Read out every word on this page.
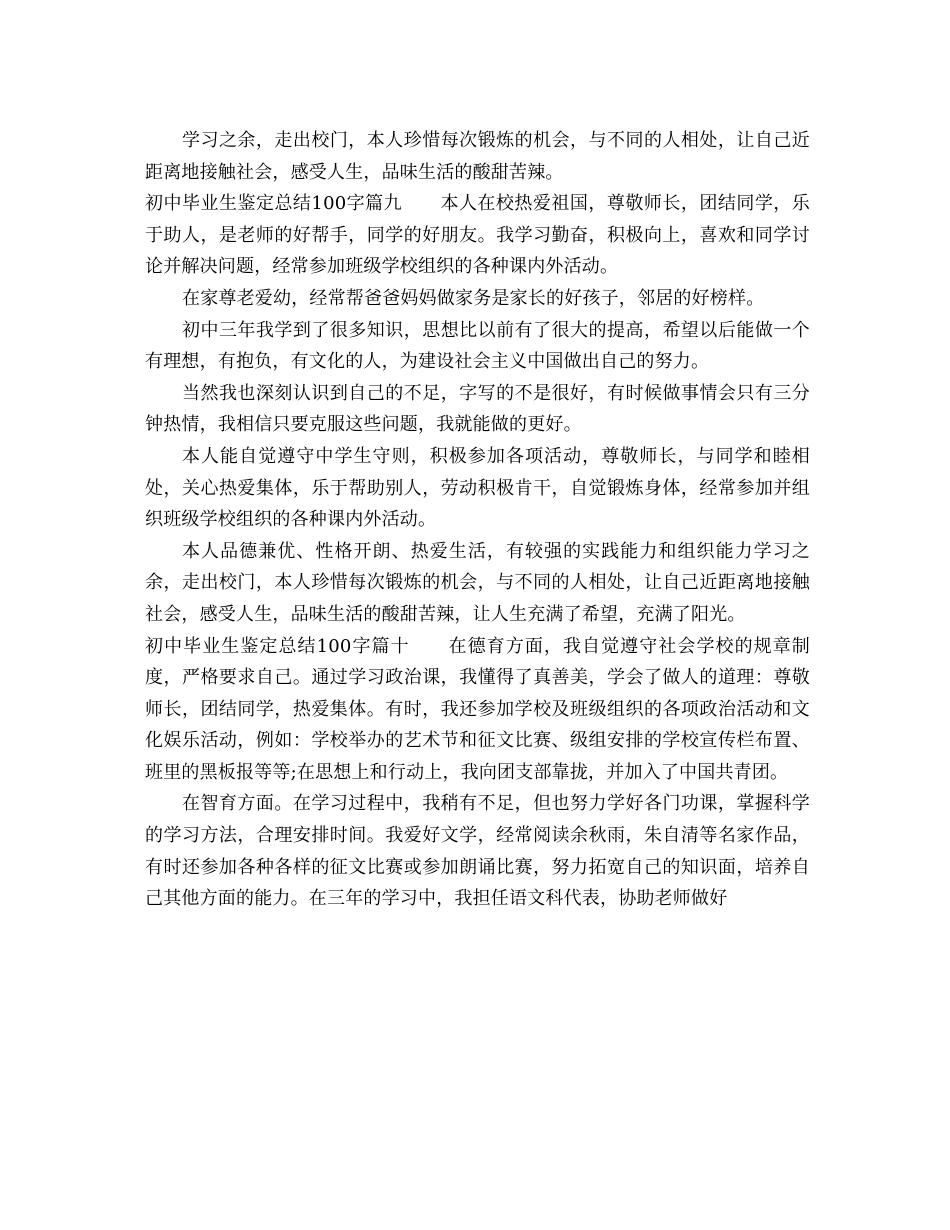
学习之余，走出校门，本人珍惜每次锻炼的机会，与不同的人相处，让自己近距离地接触社会，感受人生，品味生活的酸甜苦辣。

初中毕业生鉴定总结100字篇九 本人在校热爱祖国，尊敬师长，团结同学，乐于助人，是老师的好帮手，同学的好朋友。我学习勤奋，积极向上，喜欢和同学讨论并解决问题，经常参加班级学校组织的各种课内外活动。

在家尊老爱幼，经常帮爸爸妈妈做家务是家长的好孩子，邻居的好榜样。

初中三年我学到了很多知识，思想比以前有了很大的提高，希望以后能做一个有理想，有抱负，有文化的人，为建设社会主义中国做出自己的努力。

当然我也深刻认识到自己的不足，字写的不是很好，有时候做事情会只有三分钟热情，我相信只要克服这些问题，我就能做的更好。

本人能自觉遵守中学生守则，积极参加各项活动，尊敬师长，与同学和睦相处，关心热爱集体，乐于帮助别人，劳动积极肯干，自觉锻炼身体，经常参加并组织班级学校组织的各种课内外活动。

本人品德兼优、性格开朗、热爱生活，有较强的实践能力和组织能力学习之余，走出校门，本人珍惜每次锻炼的机会，与不同的人相处，让自己近距离地接触社会，感受人生，品味生活的酸甜苦辣，让人生充满了希望，充满了阳光。

初中毕业生鉴定总结100字篇十 在德育方面，我自觉遵守社会学校的规章制度，严格要求自己。通过学习政治课，我懂得了真善美，学会了做人的道理：尊敬师长，团结同学，热爱集体。有时，我还参加学校及班级组织的各项政治活动和文化娱乐活动，例如：学校举办的艺术节和征文比赛、级组安排的学校宣传栏布置、班里的黑板报等等;在思想上和行动上，我向团支部靠拢，并加入了中国共青团。

在智育方面。在学习过程中，我稍有不足，但也努力学好各门功课，掌握科学的学习方法，合理安排时间。我爱好文学，经常阅读余秋雨，朱自清等名家作品，有时还参加各种各样的征文比赛或参加朗诵比赛，努力拓宽自己的知识面，培养自己其他方面的能力。在三年的学习中，我担任语文科代表，协助老师做好
